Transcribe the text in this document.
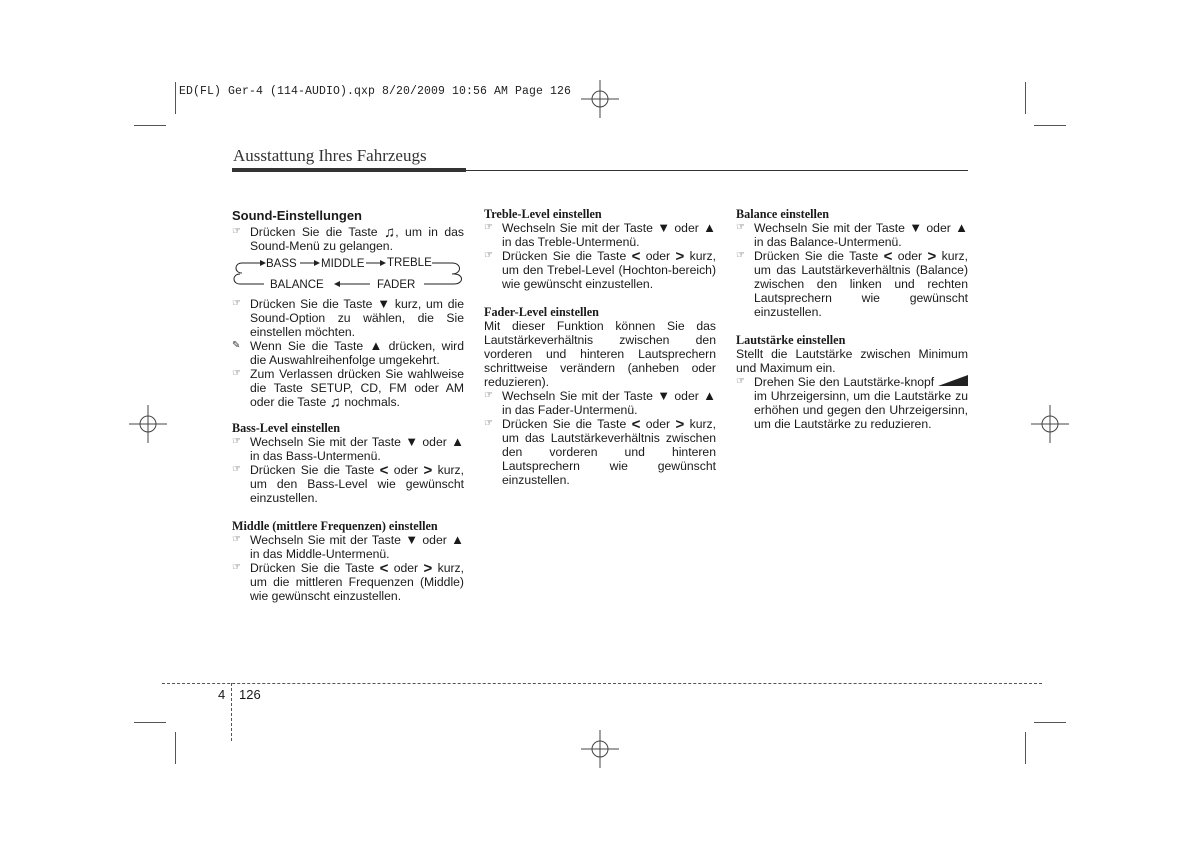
ED(FL) Ger-4 (114-AUDIO).qxp 8/20/2009 10:56 AM Page 126
Ausstattung Ihres Fahrzeugs
Sound-Einstellungen
☞ Drücken Sie die Taste ♫, um in das Sound-Menü zu gelangen.
BASS MIDDLE TREBLE
BALANCE	FADER
☞ Drücken Sie die Taste ▼ kurz, um die Sound-Option zu wählen, die Sie einstellen möchten.
✎ Wenn Sie die Taste ▲ drücken, wird die Auswahlreihenfolge umgekehrt.
☞ Zum Verlassen drücken Sie wahlweise die Taste SETUP, CD, FM oder AM oder die Taste ♫ nochmals.
Bass-Level einstellen
☞ Wechseln Sie mit der Taste ▼ oder ▲ in das Bass-Untermenü.
☞ Drücken Sie die Taste < oder > kurz, um den Bass-Level wie gewünscht einzustellen.
Middle (mittlere Frequenzen) einstellen
☞ Wechseln Sie mit der Taste ▼ oder ▲ in das Middle-Untermenü.
☞ Drücken Sie die Taste < oder > kurz, um die mittleren Frequenzen (Middle) wie gewünscht einzustellen.
Treble-Level einstellen
☞ Wechseln Sie mit der Taste ▼ oder ▲ in das Treble-Untermenü.
☞ Drücken Sie die Taste < oder > kurz, um den Trebel-Level (Hochton-bereich) wie gewünscht einzustellen.
Fader-Level einstellen
Mit dieser Funktion können Sie das Lautstärkeverhältnis zwischen den vorderen und hinteren Lautsprechern schrittweise verändern (anheben oder reduzieren).
☞ Wechseln Sie mit der Taste ▼ oder ▲ in das Fader-Untermenü.
☞ Drücken Sie die Taste < oder > kurz, um das Lautstärkeverhältnis zwischen den vorderen und hinteren Lautsprechern wie gewünscht einzustellen.
Balance einstellen
☞ Wechseln Sie mit der Taste ▼ oder ▲ in das Balance-Untermenü.
☞ Drücken Sie die Taste < oder > kurz, um das Lautstärkeverhältnis (Balance) zwischen den linken und rechten Lautsprechern wie gewünscht einzustellen.
Lautstärke einstellen
Stellt die Lautstärke zwischen Minimum und Maximum ein.
☞ Drehen Sie den Lautstärke-knopf  im Uhrzeigersinn, um die Lautstärke zu erhöhen und gegen den Uhrzeigersinn, um die Lautstärke zu reduzieren.
4 126
